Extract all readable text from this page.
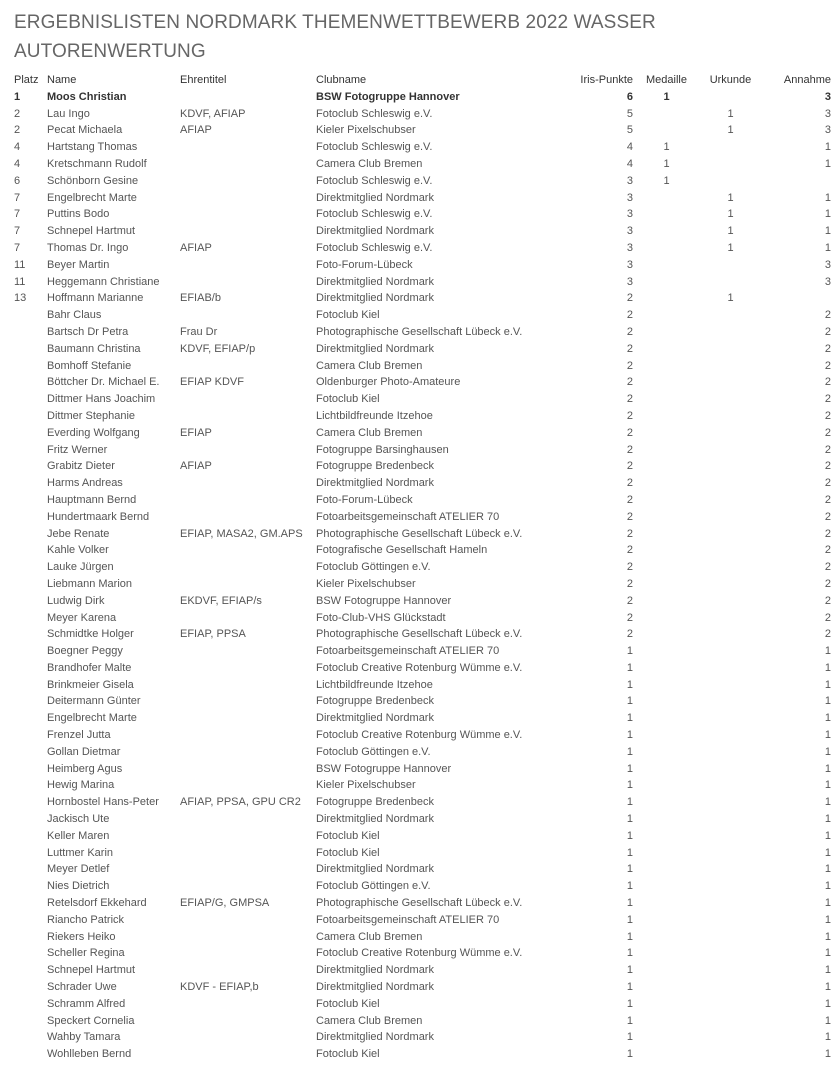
ERGEBNISLISTEN NORDMARK THEMENWETTBEWERB 2022 WASSER
AUTORENWERTUNG
Platz	Name	Ehrentitel	Clubname	Iris-Punkte	Medaille	Urkunde	Annahme
1	Moos Christian		BSW Fotogruppe Hannover	6	1		3
2	Lau Ingo	KDVF, AFIAP	Fotoclub Schleswig e.V.	5		1	3
2	Pecat Michaela	AFIAP	Kieler Pixelschubser	5		1	3
4	Hartstang Thomas		Fotoclub Schleswig e.V.	4	1		1
4	Kretschmann Rudolf		Camera Club Bremen	4	1		1
6	Schönborn Gesine		Fotoclub Schleswig e.V.	3	1		
7	Engelbrecht Marte		Direktmitglied Nordmark	3		1	1
7	Puttins Bodo		Fotoclub Schleswig e.V.	3		1	1
7	Schnepel Hartmut		Direktmitglied Nordmark	3		1	1
7	Thomas Dr. Ingo	AFIAP	Fotoclub Schleswig e.V.	3		1	1
11	Beyer Martin		Foto-Forum-Lübeck	3			3
11	Heggemann Christiane		Direktmitglied Nordmark	3			3
13	Hoffmann Marianne	EFIAB/b	Direktmitglied Nordmark	2		1	
	Bahr Claus		Fotoclub Kiel	2			2
	Bartsch Dr Petra	Frau Dr	Photographische Gesellschaft Lübeck e.V.	2			2
	Baumann Christina	KDVF, EFIAP/p	Direktmitglied Nordmark	2			2
	Bomhoff Stefanie		Camera Club Bremen	2			2
	Böttcher Dr. Michael E.	EFIAP KDVF	Oldenburger Photo-Amateure	2			2
	Dittmer Hans Joachim		Fotoclub Kiel	2			2
	Dittmer Stephanie		Lichtbildfreunde Itzehoe	2			2
	Everding Wolfgang	EFIAP	Camera Club Bremen	2			2
	Fritz Werner		Fotogruppe Barsinghausen	2			2
	Grabitz Dieter	AFIAP	Fotogruppe Bredenbeck	2			2
	Harms Andreas		Direktmitglied Nordmark	2			2
	Hauptmann Bernd		Foto-Forum-Lübeck	2			2
	Hundertmaark Bernd		Fotoarbeitsgemeinschaft ATELIER 70	2			2
	Jebe Renate	EFIAP, MASA2, GM.APS	Photographische Gesellschaft Lübeck e.V.	2			2
	Kahle Volker		Fotografische Gesellschaft Hameln	2			2
	Lauke Jürgen		Fotoclub Göttingen e.V.	2			2
	Liebmann Marion		Kieler Pixelschubser	2			2
	Ludwig Dirk	EKDVF, EFIAP/s	BSW Fotogruppe Hannover	2			2
	Meyer Karena		Foto-Club-VHS Glückstadt	2			2
	Schmidtke Holger	EFIAP, PPSA	Photographische Gesellschaft Lübeck e.V.	2			2
	Boegner Peggy		Fotoarbeitsgemeinschaft ATELIER 70	1			1
	Brandhofer Malte		Fotoclub Creative Rotenburg Wümme e.V.	1			1
	Brinkmeier Gisela		Lichtbildfreunde Itzehoe	1			1
	Deitermann Günter		Fotogruppe Bredenbeck	1			1
	Engelbrecht Marte		Direktmitglied Nordmark	1			1
	Frenzel Jutta		Fotoclub Creative Rotenburg Wümme e.V.	1			1
	Gollan Dietmar		Fotoclub Göttingen e.V.	1			1
	Heimberg Agus		BSW Fotogruppe Hannover	1			1
	Hewig Marina		Kieler Pixelschubser	1			1
	Hornbostel Hans-Peter	AFIAP, PPSA, GPU CR2	Fotogruppe Bredenbeck	1			1
	Jackisch Ute		Direktmitglied Nordmark	1			1
	Keller Maren		Fotoclub Kiel	1			1
	Luttmer Karin		Fotoclub Kiel	1			1
	Meyer Detlef		Direktmitglied Nordmark	1			1
	Nies Dietrich		Fotoclub Göttingen e.V.	1			1
	Retelsdorf Ekkehard	EFIAP/G, GMPSA	Photographische Gesellschaft Lübeck e.V.	1			1
	Riancho Patrick		Fotoarbeitsgemeinschaft ATELIER 70	1			1
	Riekers Heiko		Camera Club Bremen	1			1
	Scheller Regina		Fotoclub Creative Rotenburg Wümme e.V.	1			1
	Schnepel Hartmut		Direktmitglied Nordmark	1			1
	Schrader Uwe	KDVF - EFIAP,b	Direktmitglied Nordmark	1			1
	Schramm Alfred		Fotoclub Kiel	1			1
	Speckert Cornelia		Camera Club Bremen	1			1
	Wahby Tamara		Direktmitglied Nordmark	1			1
	Wohlleben Bernd		Fotoclub Kiel	1			1
